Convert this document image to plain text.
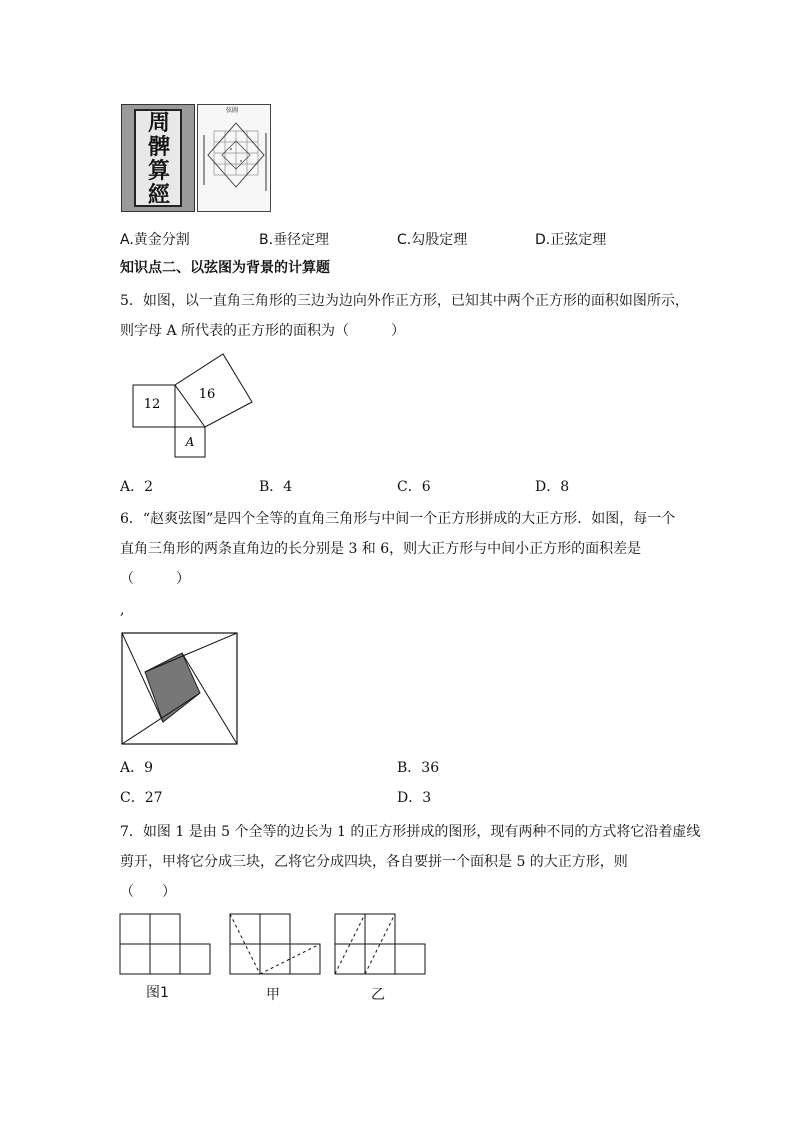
周
髀
算
經
弦圖
A.黄金分割	B.垂径定理	C.勾股定理	D.正弦定理
知识点二、以弦图为背景的计算题
5．如图，以一直角三角形的三边为边向外作正方形，已知其中两个正方形的面积如图所示，
则字母 A 所代表的正方形的面积为（　　　）
12
16
A
A．2	B．4	C．6	D．8
6．“赵爽弦图”是四个全等的直角三角形与中间一个正方形拼成的大正方形．如图，每一个
直角三角形的两条直角边的长分别是 3 和 6，则大正方形与中间小正方形的面积差是
（　　　）
,
A．9	B．36
C．27	D．3
7．如图 1 是由 5 个全等的边长为 1 的正方形拼成的图形，现有两种不同的方式将它沿着虚线
剪开，甲将它分成三块，乙将它分成四块，各自要拼一个面积是 5 的大正方形，则
（　　）
图1	甲	乙
